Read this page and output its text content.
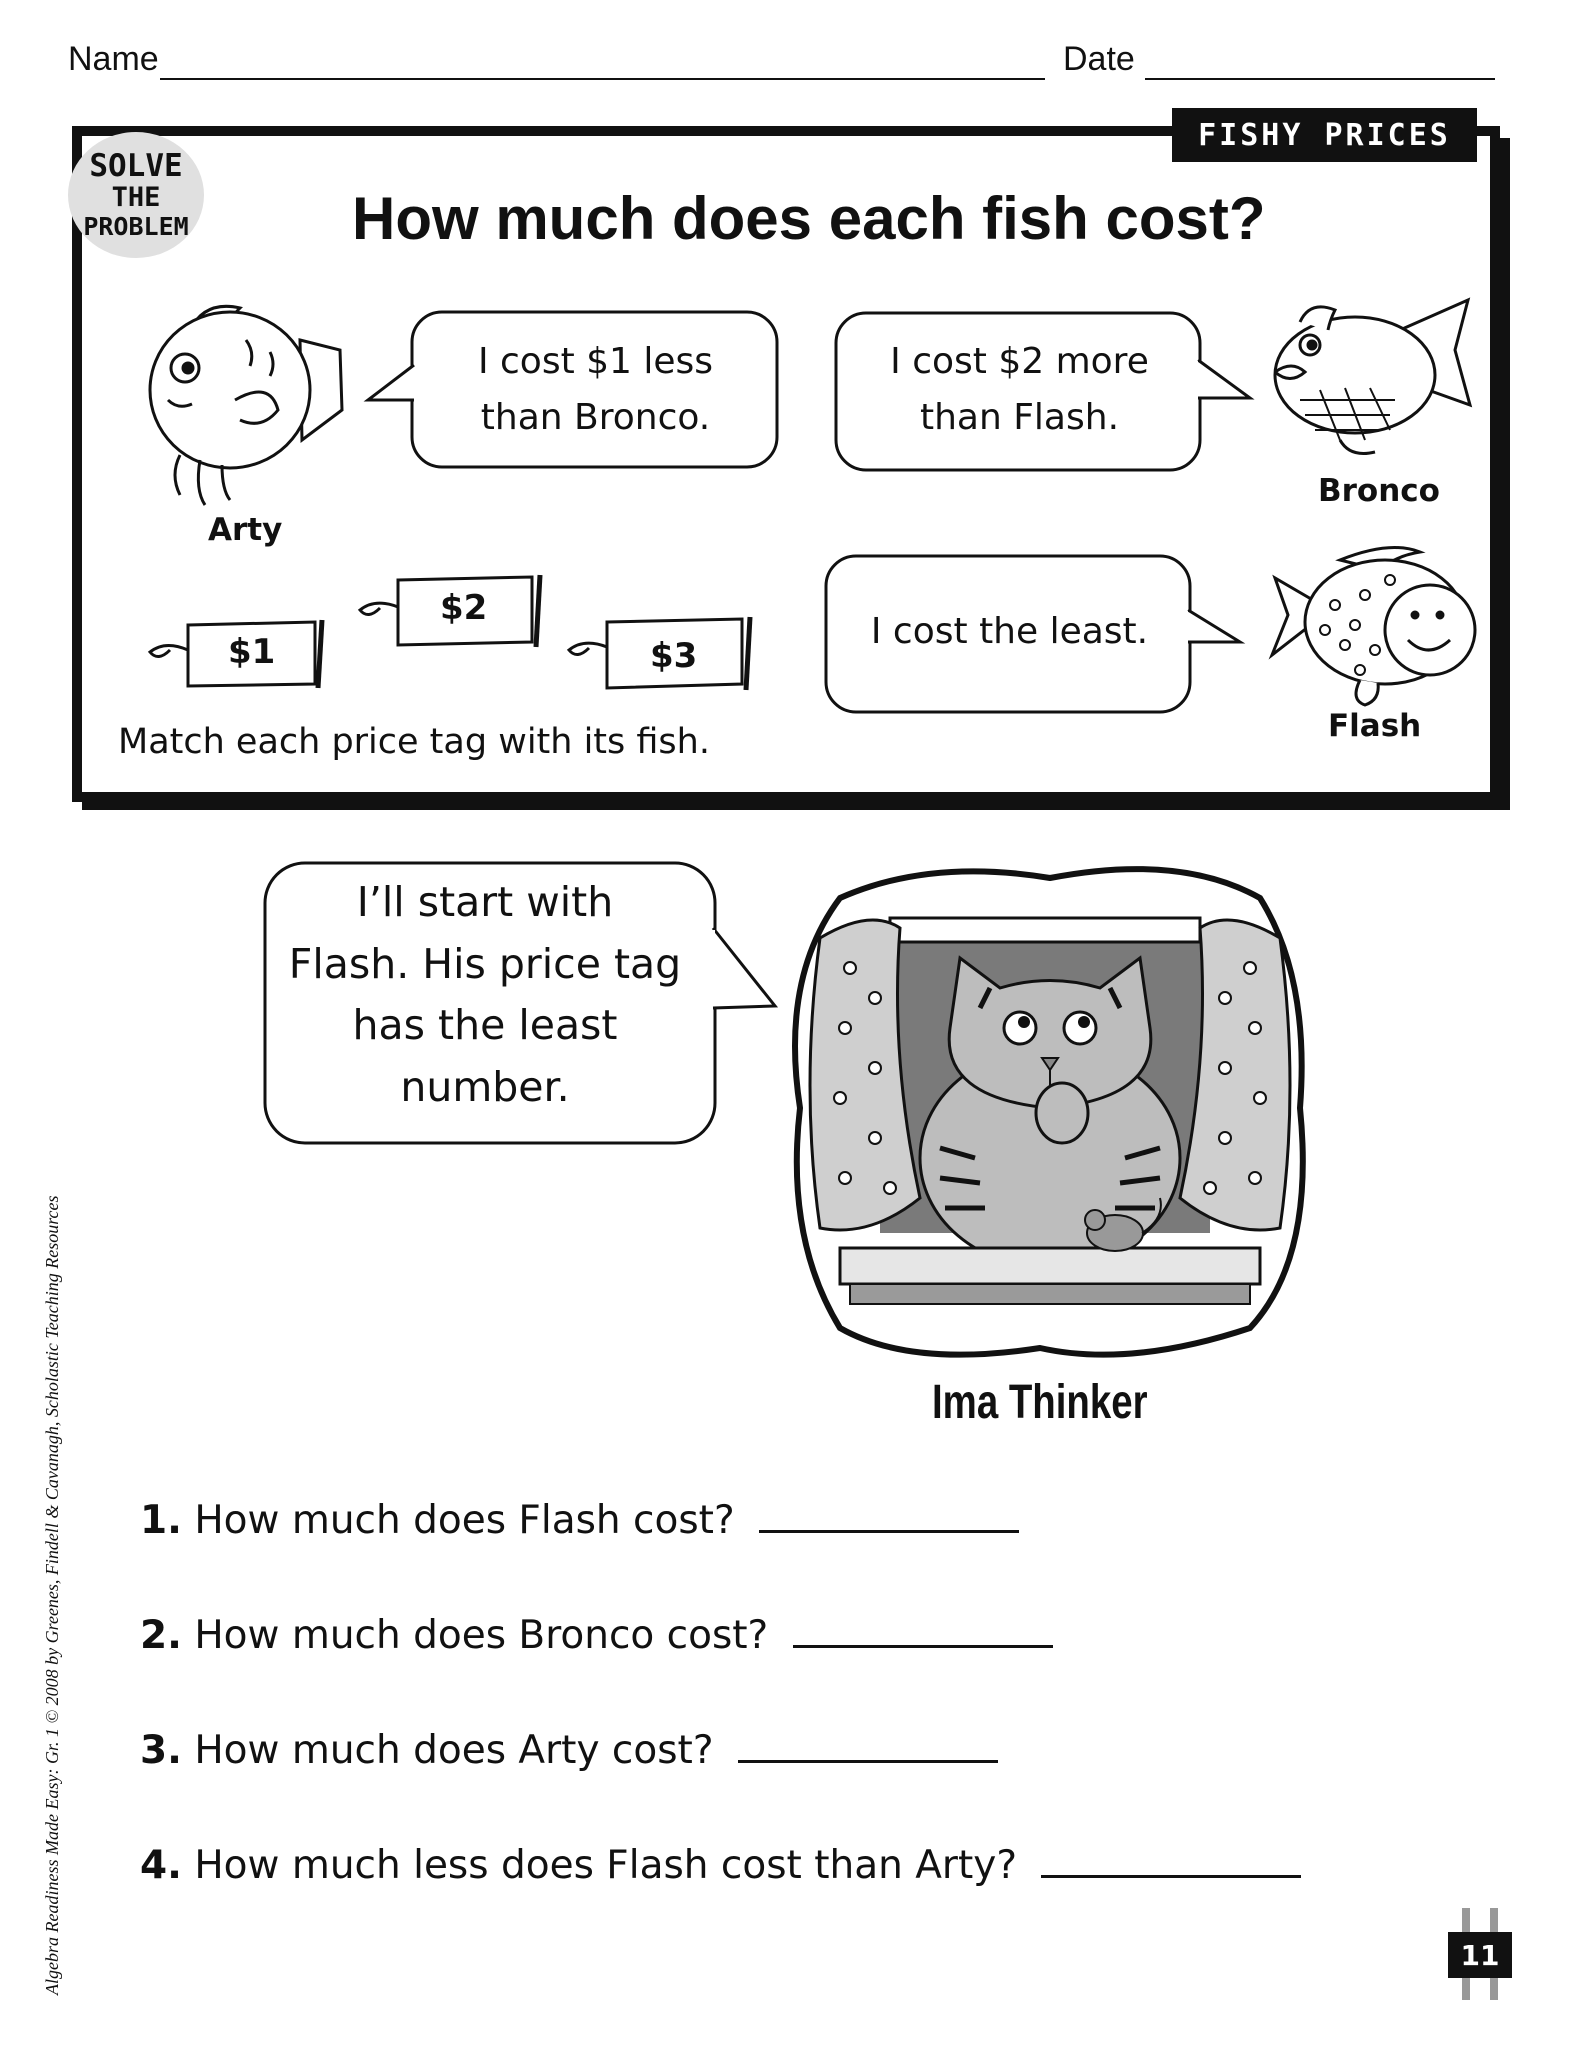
Name	Date
FISHY PRICES
SOLVE
THE
PROBLEM	How much does each fish cost?
I cost $1 less
than Bronco.
I cost $2 more
than Flash.
I cost the least.
Arty
Bronco
Flash
$1
$2
$3
Match each price tag with its fish.
I’ll start with
Flash. His price tag
has the least
number.
Ima Thinker
1. How much does Flash cost?
2. How much does Bronco cost?
3. How much does Arty cost?
4. How much less does Flash cost than Arty?
Algebra Readiness Made Easy: Gr. 1 © 2008 by Greenes, Findell & Cavanagh, Scholastic Teaching Resources	11
